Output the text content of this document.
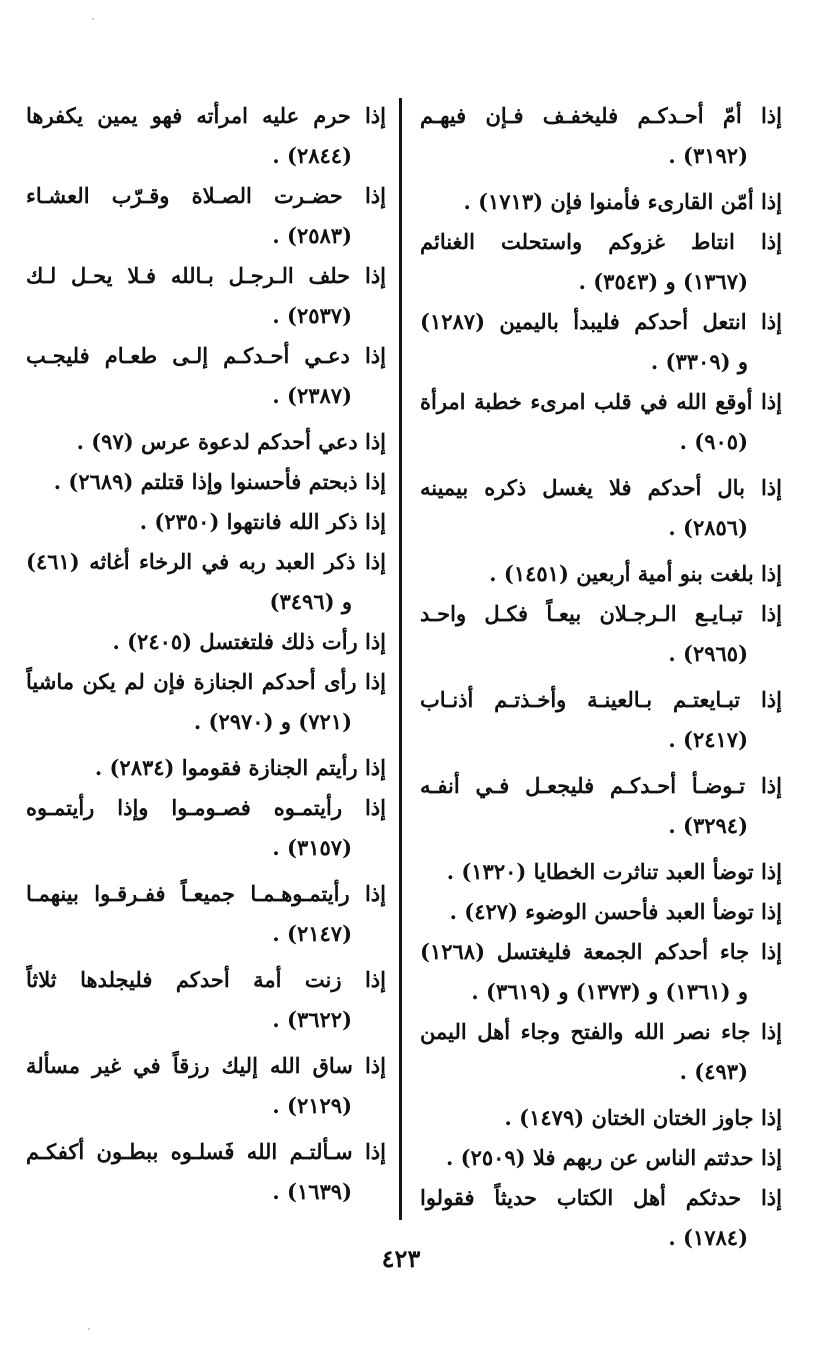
إذا أمّ أحـدكـم فليخفـف فـإن فيهـم
(٣١٩٢) .
إذا أمّن القارىء فأمنوا فإن (١٧١٣) .
إذا انتاط غزوكم واستحلت الغنائم
(١٣٦٧) و (٣٥٤٣) .
إذا انتعل أحدكم فليبدأ باليمين (١٢٨٧)
و (٣٣٠٩) .
إذا أوقع الله في قلب امرىء خطبة امرأة
(٩٠٥) .
إذا بال أحدكم فلا يغسل ذكره بيمينه
(٢٨٥٦) .
إذا بلغت بنو أمية أربعين (١٤٥١) .
إذا تبـايـع الـرجـلان بيعـاً فكـل واحـد
(٢٩٦٥) .
إذا تبـايعتـم بـالعينـة وأخـذتـم أذنـاب
(٢٤١٧) .
إذا تـوضـأ أحـدكـم فليجعـل فـي أنفـه
(٣٢٩٤) .
إذا توضأ العبد تناثرت الخطايا (١٣٢٠) .
إذا توضأ العبد فأحسن الوضوء (٤٢٧) .
إذا جاء أحدكم الجمعة فليغتسل (١٢٦٨)
و (١٣٦١) و (١٣٧٣) و (٣٦١٩) .
إذا جاء نصر الله والفتح وجاء أهل اليمن
(٤٩٣) .
إذا جاوز الختان الختان (١٤٧٩) .
إذا حدثتم الناس عن ربهم فلا (٢٥٠٩) .
إذا حدثكم أهل الكتاب حديثاً فقولوا
(١٧٨٤) .
إذا حرم عليه امرأته فهو يمين يكفرها
(٢٨٤٤) .
إذا حضـرت الصـلاة وقـرّب العشـاء
(٢٥٨٣) .
إذا حلف الـرجـل بـالله فـلا يحـل لـك
(٢٥٣٧) .
إذا دعـي أحـدكـم إلـى طعـام فليجـب
(٢٣٨٧) .
إذا دعي أحدكم لدعوة عرس (٩٧) .
إذا ذبحتم فأحسنوا وإذا قتلتم (٢٦٨٩) .
إذا ذكر الله فانتهوا (٢٣٥٠) .
إذا ذكر العبد ربه في الرخاء أغاثه (٤٦١)
و (٣٤٩٦)
إذا رأت ذلك فلتغتسل (٢٤٠٥) .
إذا رأى أحدكم الجنازة فإن لم يكن ماشياً
(٧٢١) و (٢٩٧٠) .
إذا رأيتم الجنازة فقوموا (٢٨٣٤) .
إذا رأيتمـوه فصـومـوا وإذا رأيتمـوه
(٣١٥٧) .
إذا رأيتمـوهـمـا جميعـاً ففـرقـوا بينهمـا
(٢١٤٧) .
إذا زنت أمة أحدكم فليجلدها ثلاثاً
(٣٦٢٢) .
إذا ساق الله إليك رزقاً في غير مسألة
(٢١٢٩) .
إذا سـألتـم الله فَسلـوه ببطـون أكفكـم
(١٦٣٩) .
٤٢٣
